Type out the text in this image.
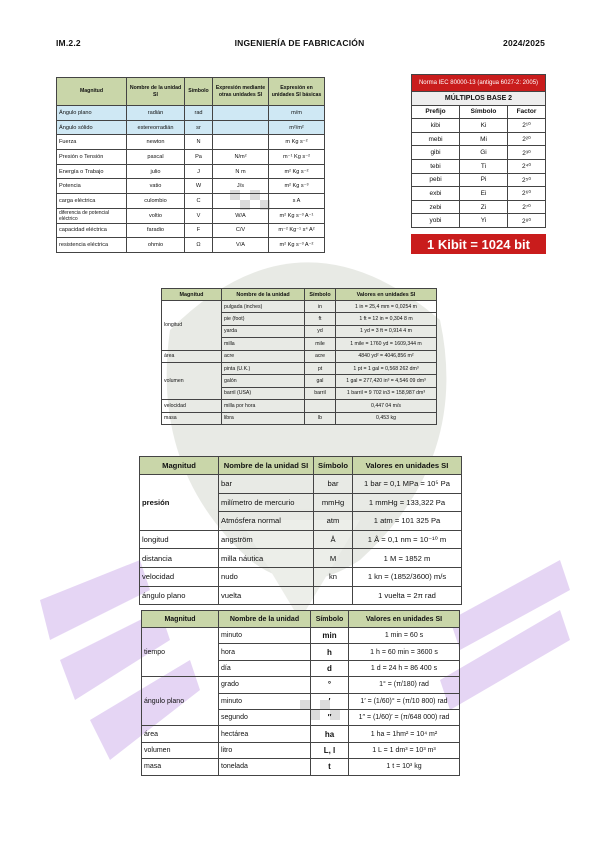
IM.2.2	INGENIERÍA DE FABRICACIÓN	2024/2025
Magnitud	Nombre de la unidad SI	Símbolo	Expresión mediante otras unidades SI	Expresión en unidades SI básicas
Ángulo plano	radián	rad		m/m
Ángulo sólido	estereorradián	sr		m²/m²
Fuerza	newton	N		m Kg s⁻²
Presión o Tensión	pascal	Pa	N/m²	m⁻¹ Kg s⁻²
Energía o Trabajo	julio	J	N m	m² Kg s⁻²
Potencia	vatio	W	J/s	m² Kg s⁻³
carga eléctrica	culombio	C		s A
diferencia de potencial eléctrico	voltio	V	W/A	m² Kg s⁻³ A⁻¹
capacidad eléctrica	faradio	F	C/V	m⁻² Kg⁻¹ s⁴ A²
resistencia eléctrica	ohmio	Ω	V/A	m² Kg s⁻³ A⁻²
Norma IEC 80000-13 (antigua 6027-2: 2005)		
MÚLTIPLOS BASE 2		
Prefijo	Símbolo	Factor
kibi	Ki	2¹⁰
mebi	Mi	2²⁰
gibi	Gi	2³⁰
tebi	Ti	2⁴⁰
pebi	Pi	2⁵⁰
exbi	Ei	2⁶⁰
zebi	Zi	2⁷⁰
yobi	Yi	2⁸⁰
1 Kibit = 1024 bit
Magnitud	Nombre de la unidad	Símbolo	Valores en unidades SI
longitud	pulgada (inches)	in	1 in = 25,4 mm = 0,0254 m
	pie (foot)	ft	1 ft = 12 in = 0,304 8 m
	yarda	yd	1 yd = 3 ft = 0,914 4 m
	milla	mile	1 mile = 1760 yd = 1609,344 m
área	acre	acre	4840 yd² = 4046,856 m²
volumen	pinta (U.K.)	pt	1 pt = 1 gal = 0,568 262 dm³
	galón	gal	1 gal = 277,420 in³ = 4,546 09 dm³
	barril (USA)	barril	1 barril = 9 702 in3 = 158,987 dm³
velocidad	milla por hora		0,447 04 m/s
masa	libra	lb	0,453 kg
Magnitud	Nombre de la unidad SI	Símbolo	Valores en unidades SI
presión	bar	bar	1 bar = 0,1 MPa = 10⁵ Pa
	milímetro de mercurio	mmHg	1 mmHg = 133,322 Pa
	Atmósfera normal	atm	1 atm = 101 325 Pa
longitud	angström	Å	1 Å = 0,1 nm = 10⁻¹⁰ m
distancia	milla náutica	M	1 M = 1852 m
velocidad	nudo	kn	1 kn = (1852/3600) m/s
ángulo plano	vuelta		1 vuelta = 2π rad
Magnitud	Nombre de la unidad	Símbolo	Valores en unidades SI
tiempo	minuto	min	1 min = 60 s
	hora	h	1 h = 60 min = 3600 s
	día	d	1 d = 24 h = 86 400 s
ángulo plano	grado	°	1° = (π/180) rad
	minuto	′	1′ = (1/60)° = (π/10 800) rad
	segundo	″	1″ = (1/60)′ = (π/648 000) rad
área	hectárea	ha	1 ha = 1hm² = 10⁴ m²
volumen	litro	L, l	1 L = 1 dm³ = 10³ m³
masa	tonelada	t	1 t = 10³ kg
